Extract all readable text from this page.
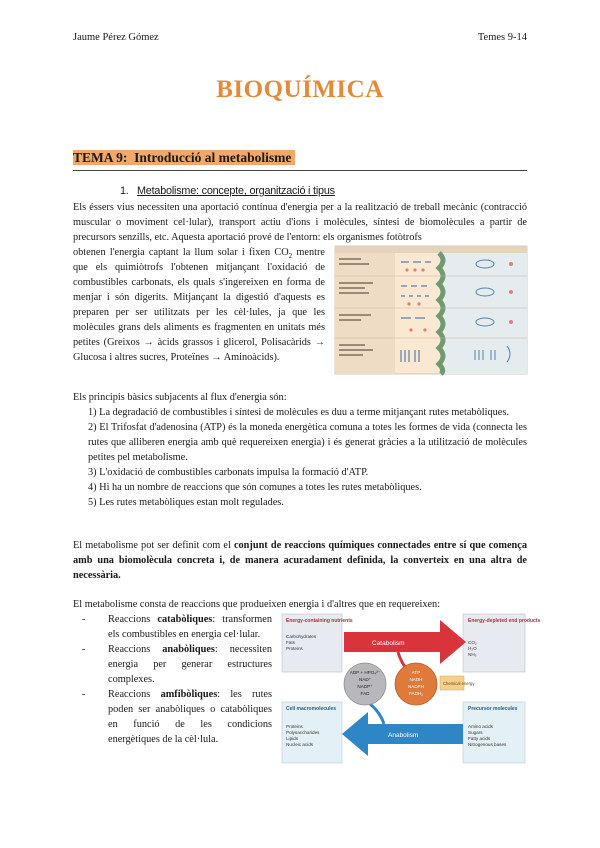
Jaume Pérez Gómez	Temes 9-14
BIOQUÍMICA
TEMA 9: Introducció al metabolisme
1. Metabolisme: concepte, organització i tipus
Els éssers vius necessiten una aportació contínua d'energia per a la realització de treball mecànic (contracció muscular o moviment cel·lular), transport actiu d'ions i molècules, síntesi de biomolècules a partir de precursors senzills, etc. Aquesta aportació prové de l'entorn: els organismes fotòtrofs
obtenen l'energia captant la llum solar i fixen $CO_2$ mentre que els quimiòtrofs l'obtenen mitjançant l'oxidació de combustibles carbonats, els quals s'ingereixen en forma de menjar i són digerits. Mitjançant la digestió d'aquests es preparen per ser utilitzats per les cèl·lules, ja que les molècules grans dels aliments es fragmenten en unitats més petites (Greixos → àcids grassos i glicerol, Polisacàrids → Glucosa i altres sucres, Proteïnes → Aminoàcids).
Els principis bàsics subjacents al flux d'energia són:
1) La degradació de combustibles i síntesi de molècules es duu a terme mitjançant rutes metabòliques.
2) El Trifosfat d'adenosina (ATP) és la moneda energètica comuna a totes les formes de vida (connecta les rutes que alliberen energia amb què requereixen energia) i és generat gràcies a la utilització de molècules petites pel metabolisme.
3) L'oxidació de combustibles carbonats impulsa la formació d'ATP.
4) Hi ha un nombre de reaccions que són comunes a totes les rutes metabòliques.
5) Les rutes metabòliques estan molt regulades.
El metabolisme pot ser definit com el conjunt de reaccions químiques connectades entre sí que comença amb una biomolècula concreta i, de manera acuradament definida, la converteix en una altra de necessària.
El metabolisme consta de reaccions que produeixen energia i d'altres que en requereixen:
- Reaccions catabòliques: transformen els combustibles en energia cel·lular.
- Reaccions anabòliques: necessiten energia per generar estructures complexes.
- Reaccions amfibòliques: les rutes poden ser anabòliques o catabòliques en funció de les condicions energètiques de la cèl·lula.
Energy-containing nutrients
Carbohydrates
Fats
Proteins
Energy-depleted end products
CO₂
H₂O
NH₃
Catabolism
Cell macromolecules
Proteins
Polysaccharides
Lipids
Nucleic acids
Precursor molecules
Amino acids
Sugars
Fatty acids
Nitrogenous bases
Anabolism
ADP + HPO₄²⁻
NAD⁺
NADP⁺
FAD
ATP
NADH
NADPH
FADH₂
Chemical energy
